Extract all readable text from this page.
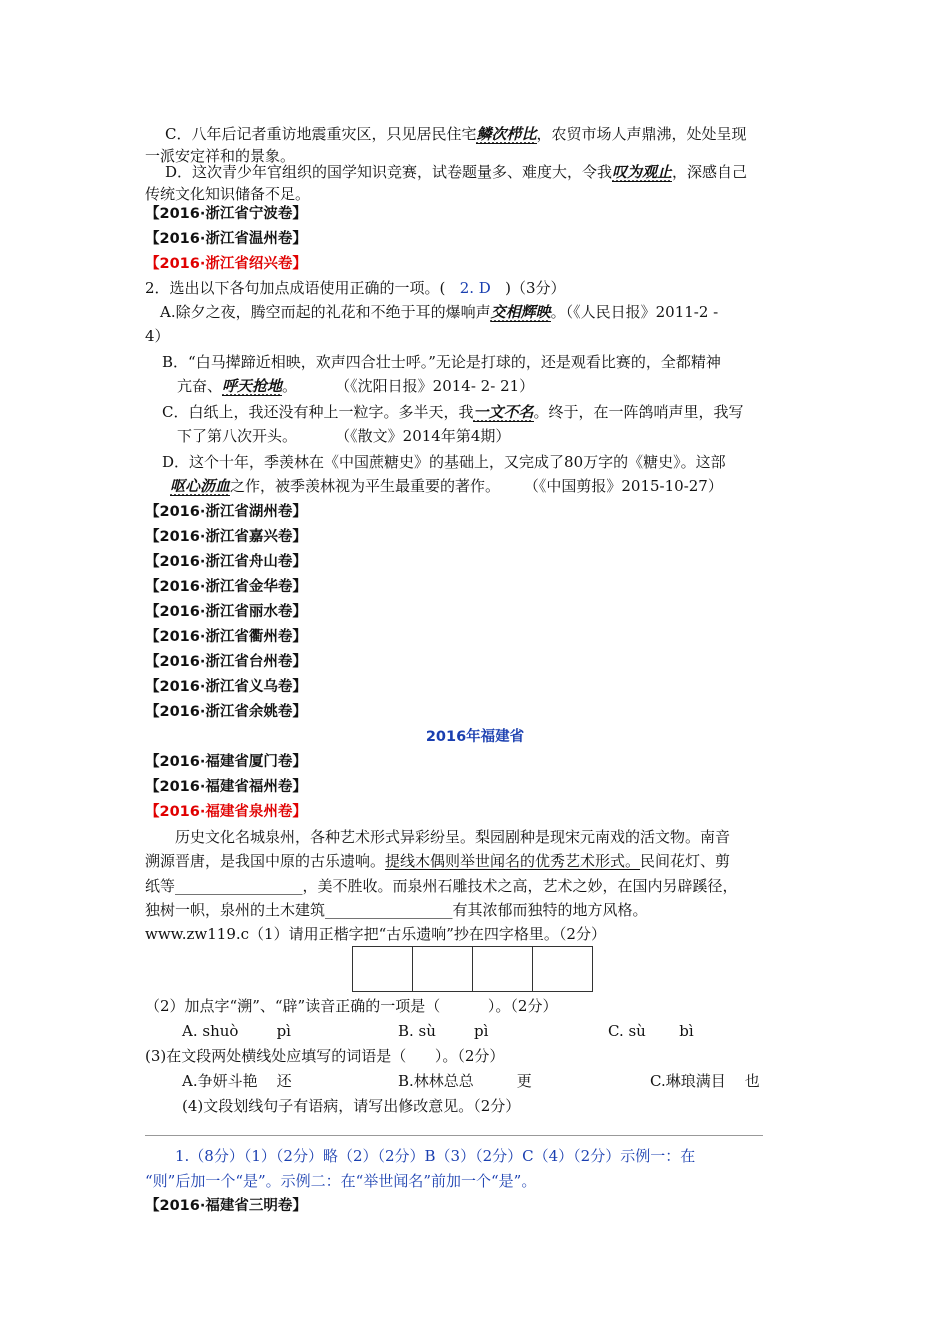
C．八年后记者重访地震重灾区，只见居民住宅鳞次栉比，农贸市场人声鼎沸，处处呈现
一派安定祥和的景象。
D．这次青少年官组织的国学知识竞赛，试卷题量多、难度大，令我叹为观止，深感自己
传统文化知识储备不足。
【2016·浙江省宁波卷】
【2016·浙江省温州卷】
【2016·浙江省绍兴卷】
2．选出以下各句加点成语使用正确的一项。( 2. D )（3分）
A.除夕之夜，腾空而起的礼花和不绝于耳的爆响声交相辉映。（《人民日报》2011-2 -
4）
B．“白马撵蹄近相映，欢声四合壮士呼。”无论是打球的，还是观看比赛的，全都精神
亢奋、呼天抢地。        （《沈阳日报》2014- 2- 21）
C．白纸上，我还没有种上一粒字。多半天，我一文不名。终于，在一阵鸽哨声里，我写
下了第八次开头。        （《散文》2014年第4期）
D．这个十年，季羡林在《中国蔗糖史》的基础上，又完成了80万字的《糖史》。这部
呕心沥血之作，被季羡林视为平生最重要的著作。     （《中国剪报》2015-10-27）
【2016·浙江省湖州卷】
【2016·浙江省嘉兴卷】
【2016·浙江省舟山卷】
【2016·浙江省金华卷】
【2016·浙江省丽水卷】
【2016·浙江省衢州卷】
【2016·浙江省台州卷】
【2016·浙江省义乌卷】
【2016·浙江省余姚卷】
2016年福建省
【2016·福建省厦门卷】
【2016·福建省福州卷】
【2016·福建省泉州卷】
历史文化名城泉州，各种艺术形式异彩纷呈。梨园剧种是现宋元南戏的活文物。南音
溯源晋唐，是我国中原的古乐遗响。提线木偶则举世闻名的优秀艺术形式。民间花灯、剪
纸等_________________，美不胜收。而泉州石雕技术之高，艺术之妙，在国内另辟蹊径，
独树一帜，泉州的土木建筑_________________有其浓郁而独特的地方风格。
www.zw119.c（1）请用正楷字把“古乐遗响”抄在四字格里。（2分）
（2）加点字“溯”、“辟”读音正确的一项是（          ）。（2分）
A. shuò        pì	B. sù        pì	C. sù       bì
(3)在文段两处横线处应填写的词语是（      ）。（2分）
A.争妍斗艳    还	B.林林总总         更	C.琳琅满目    也
(4)文段划线句子有语病，请写出修改意见。（2分）
1.（8分）（1）（2分）略（2）（2分）B（3）（2分）C（4）（2分）示例一：在
“则”后加一个“是”。示例二：在“举世闻名”前加一个“是”。
【2016·福建省三明卷】
